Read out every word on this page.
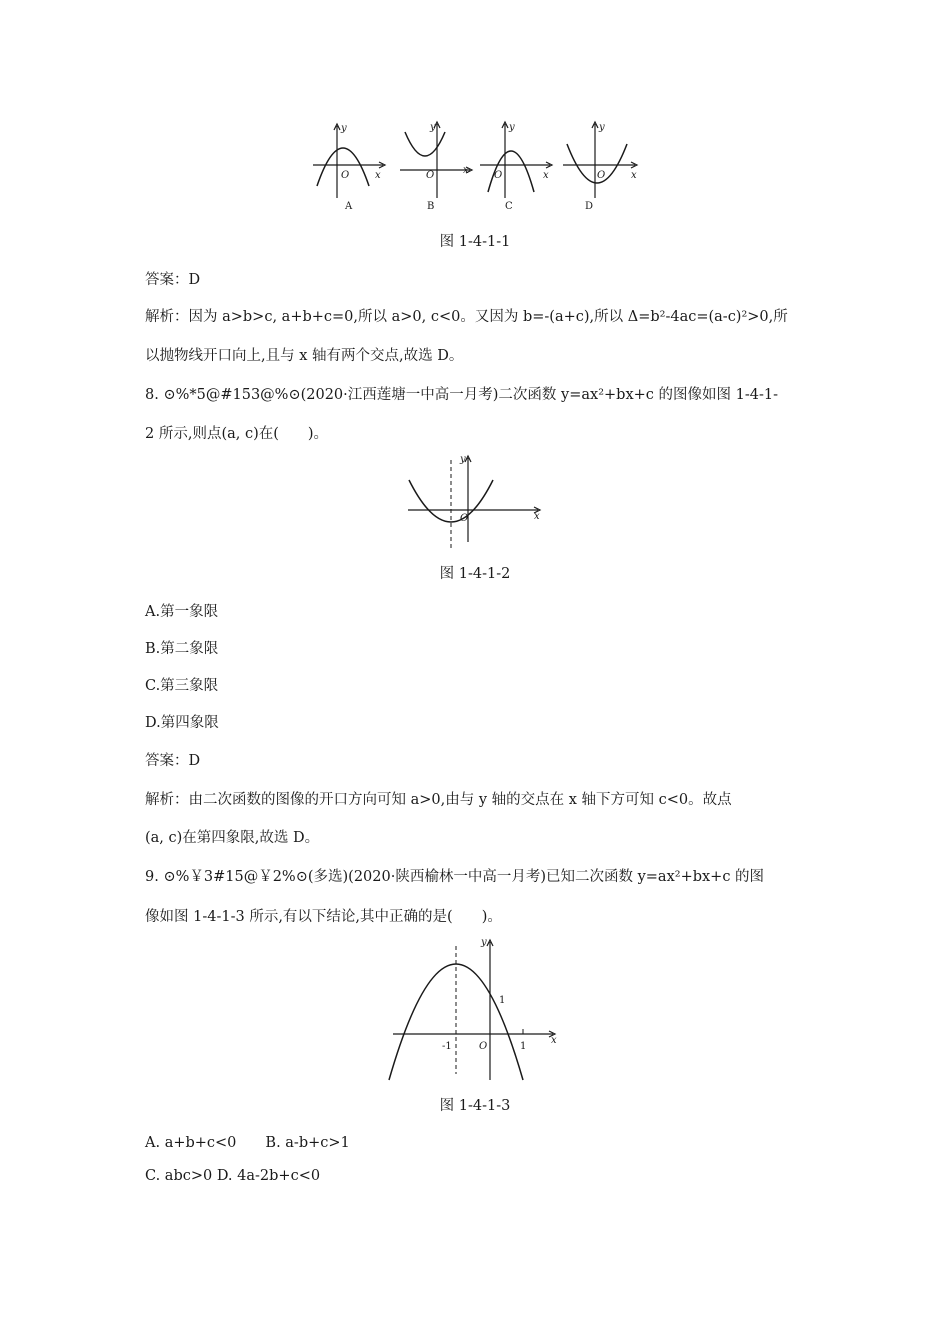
x
y
O
A
x
y
O
B
x
y
O
C
x
y
O
D
图 1-4-1-1
答案：D
解析：因为 a>b>c, a+b+c=0,所以 a>0, c<0。又因为 b=-(a+c),所以 Δ=b²-4ac=(a-c)²>0,所
以抛物线开口向上,且与 x 轴有两个交点,故选 D。
8. ⊙%*5@#153@%⊙(2020·江西莲塘一中高一月考)二次函数 y=ax²+bx+c 的图像如图 1-4-1-
2 所示,则点(a, c)在(　　)。
x
y
O
图 1-4-1-2
A.第一象限
B.第二象限
C.第三象限
D.第四象限
答案：D
解析：由二次函数的图像的开口方向可知 a>0,由与 y 轴的交点在 x 轴下方可知 c<0。故点
(a, c)在第四象限,故选 D。
9. ⊙%￥3#15@￥2%⊙(多选)(2020·陕西榆林一中高一月考)已知二次函数 y=ax²+bx+c 的图
像如图 1-4-1-3 所示,有以下结论,其中正确的是(　　)。
x
y
O
-1	1
1
图 1-4-1-3
A. a+b+c<0　　B. a-b+c>1
C. abc>0 D. 4a-2b+c<0
